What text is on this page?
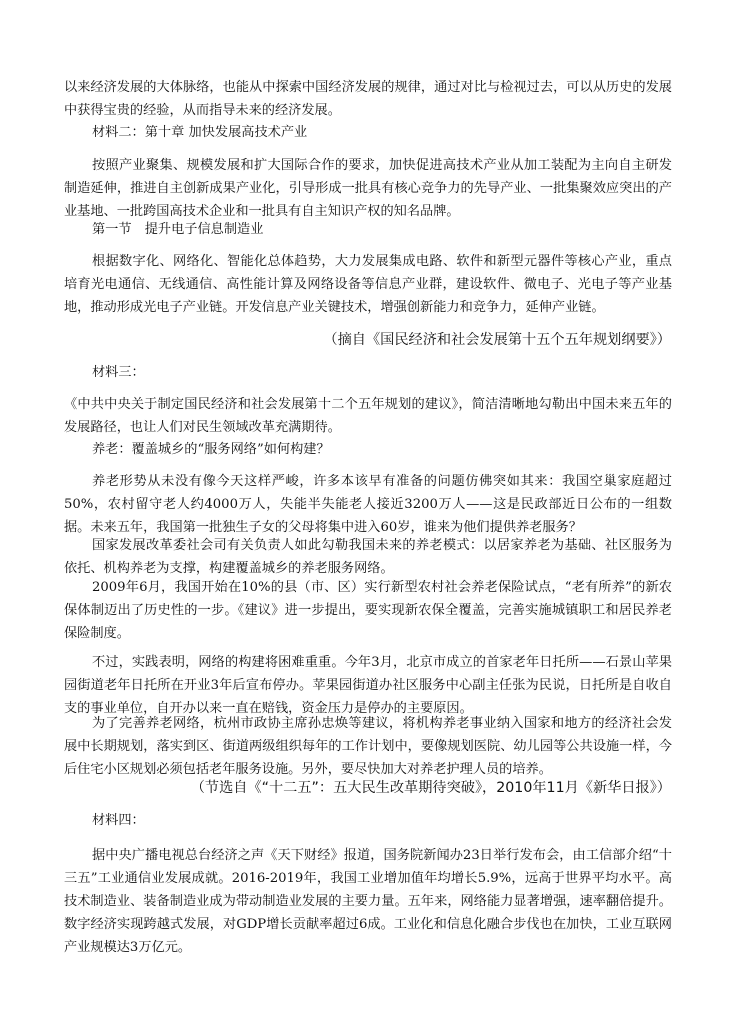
以来经济发展的大体脉络，也能从中探索中国经济发展的规律，通过对比与检视过去，可以从历史的发展中获得宝贵的经验，从而指导未来的经济发展。

材料二：第十章 加快发展高技术产业

按照产业聚集、规模发展和扩大国际合作的要求，加快促进高技术产业从加工装配为主向自主研发制造延伸，推进自主创新成果产业化，引导形成一批具有核心竞争力的先导产业、一批集聚效应突出的产业基地、一批跨国高技术企业和一批具有自主知识产权的知名品牌。

第一节　提升电子信息制造业

根据数字化、网络化、智能化总体趋势，大力发展集成电路、软件和新型元器件等核心产业，重点培育光电通信、无线通信、高性能计算及网络设备等信息产业群，建设软件、微电子、光电子等产业基地，推动形成光电子产业链。开发信息产业关键技术，增强创新能力和竞争力，延伸产业链。

（摘自《国民经济和社会发展第十五个五年规划纲要》）

材料三：

《中共中央关于制定国民经济和社会发展第十二个五年规划的建议》，简洁清晰地勾勒出中国未来五年的发展路径，也让人们对民生领域改革充满期待。

养老：覆盖城乡的“服务网络”如何构建？

养老形势从未没有像今天这样严峻，许多本该早有准备的问题仿佛突如其来：我国空巢家庭超过50%，农村留守老人约4000万人，失能半失能老人接近3200万人——这是民政部近日公布的一组数据。未来五年，我国第一批独生子女的父母将集中进入60岁，谁来为他们提供养老服务？

国家发展改革委社会司有关负责人如此勾勒我国未来的养老模式：以居家养老为基础、社区服务为依托、机构养老为支撑，构建覆盖城乡的养老服务网络。

2009年6月，我国开始在10%的县（市、区）实行新型农村社会养老保险试点，“老有所养”的新农保体制迈出了历史性的一步。《建议》进一步提出，要实现新农保全覆盖，完善实施城镇职工和居民养老保险制度。

不过，实践表明，网络的构建将困难重重。今年3月，北京市成立的首家老年日托所——石景山苹果园街道老年日托所在开业3年后宣布停办。苹果园街道办社区服务中心副主任张为民说，日托所是自收自支的事业单位，自开办以来一直在赔钱，资金压力是停办的主要原因。

为了完善养老网络，杭州市政协主席孙忠焕等建议，将机构养老事业纳入国家和地方的经济社会发展中长期规划，落实到区、街道两级组织每年的工作计划中，要像规划医院、幼儿园等公共设施一样，今后住宅小区规划必须包括老年服务设施。另外，要尽快加大对养老护理人员的培养。

（节选自《“十二五”：五大民生改革期待突破》，2010年11月《新华日报》）

材料四：

据中央广播电视总台经济之声《天下财经》报道，国务院新闻办23日举行发布会，由工信部介绍“十三五”工业通信业发展成就。2016-2019年，我国工业增加值年均增长5.9%，远高于世界平均水平。高技术制造业、装备制造业成为带动制造业发展的主要力量。五年来，网络能力显著增强，速率翻倍提升。数字经济实现跨越式发展，对GDP增长贡献率超过6成。工业化和信息化融合步伐也在加快，工业互联网产业规模达3万亿元。
